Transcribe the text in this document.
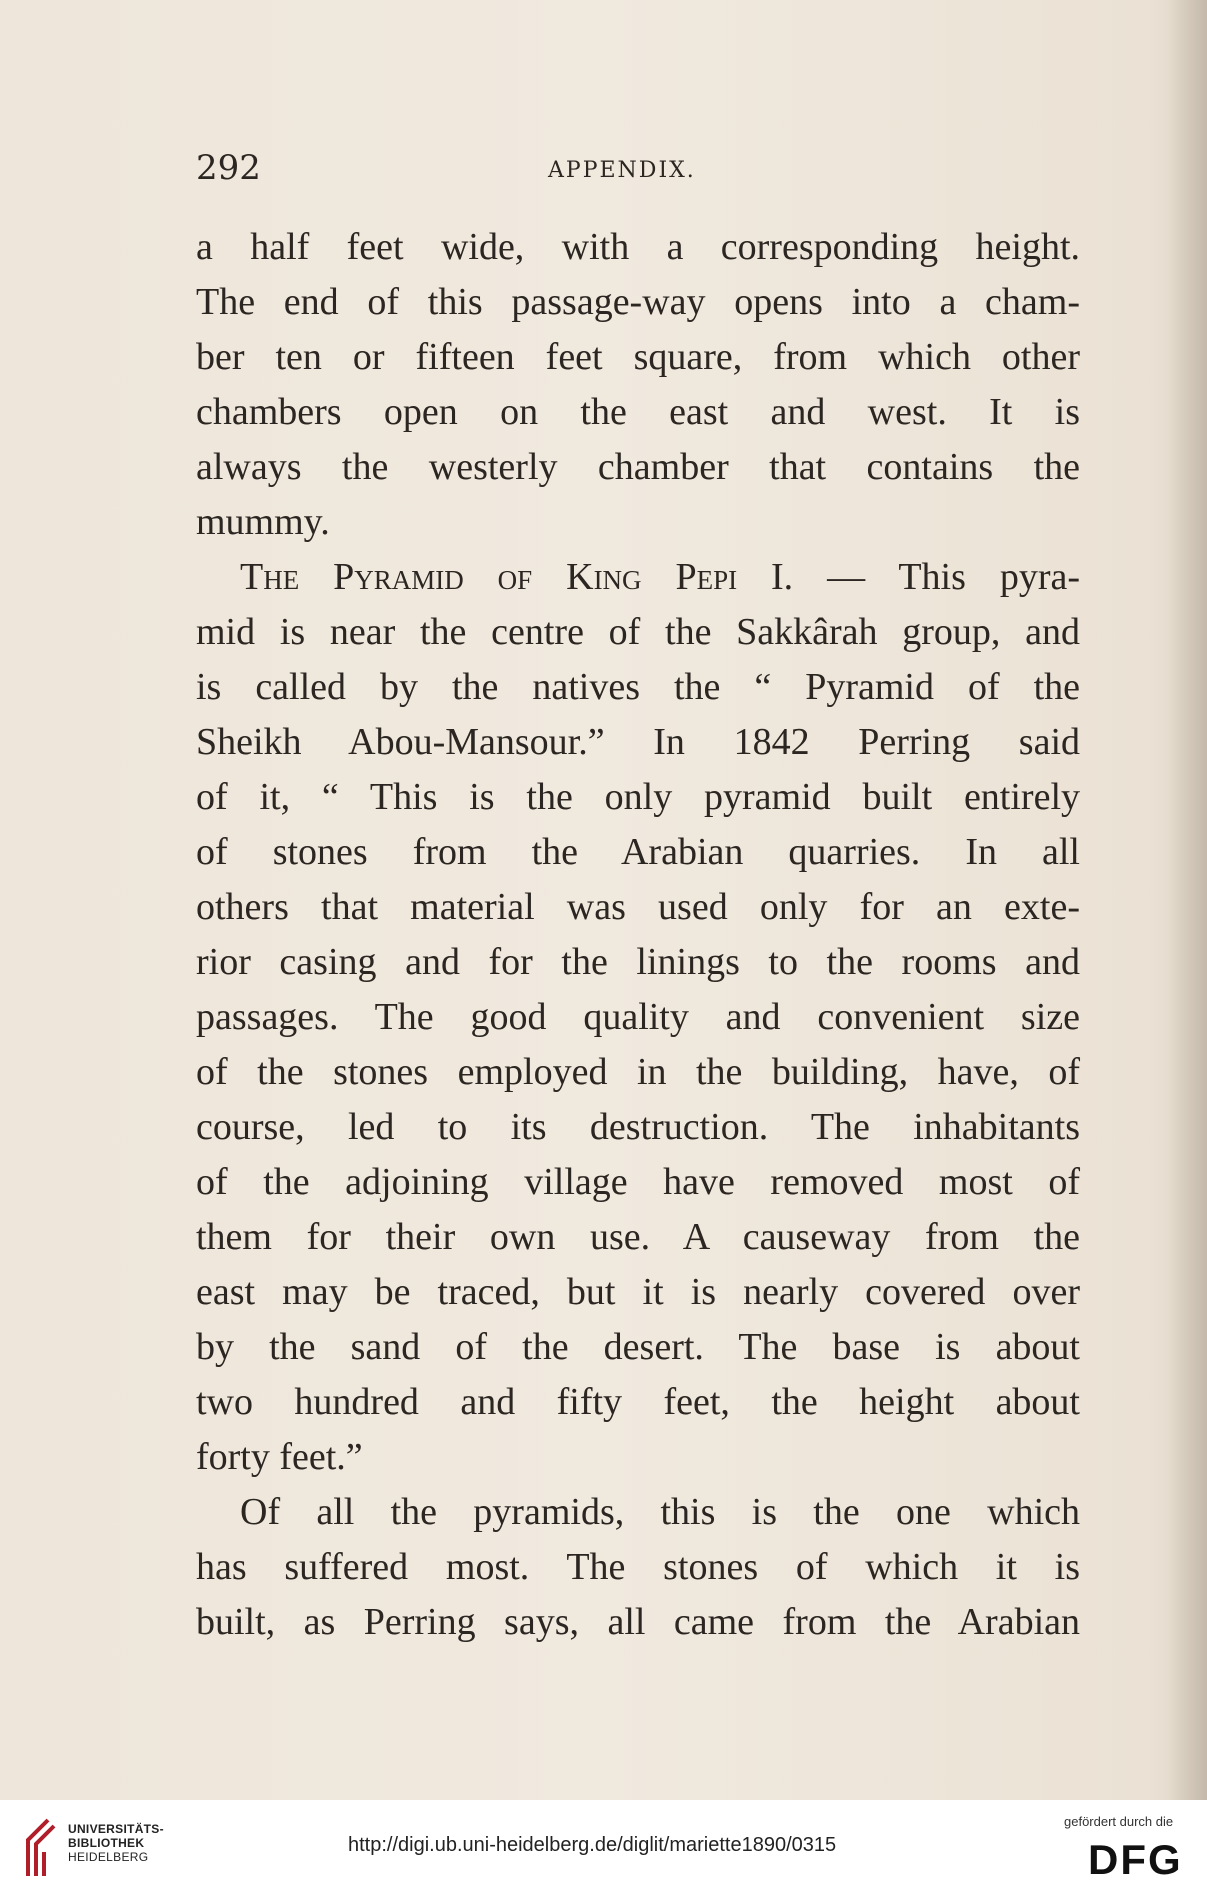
292	APPENDIX.
a half feet wide, with a corresponding height.
The end of this passage-way opens into a cham-
ber ten or fifteen feet square, from which other
chambers open on the east and west. It is
always the westerly chamber that contains the
mummy.
The Pyramid of King Pepi I. — This pyra-
mid is near the centre of the Sakkârah group, and
is called by the natives the “ Pyramid of the
Sheikh Abou-Mansour.” In 1842 Perring said
of it, “ This is the only pyramid built entirely
of stones from the Arabian quarries. In all
others that material was used only for an exte-
rior casing and for the linings to the rooms and
passages. The good quality and convenient size
of the stones employed in the building, have, of
course, led to its destruction. The inhabitants
of the adjoining village have removed most of
them for their own use. A causeway from the
east may be traced, but it is nearly covered over
by the sand of the desert. The base is about
two hundred and fifty feet, the height about
forty feet.”
Of all the pyramids, this is the one which
has suffered most. The stones of which it is
built, as Perring says, all came from the Arabian
UNIVERSITÄTS-
BIBLIOTHEK
HEIDELBERG
http://digi.ub.uni-heidelberg.de/diglit/mariette1890/0315
gefördert durch die
DFG
